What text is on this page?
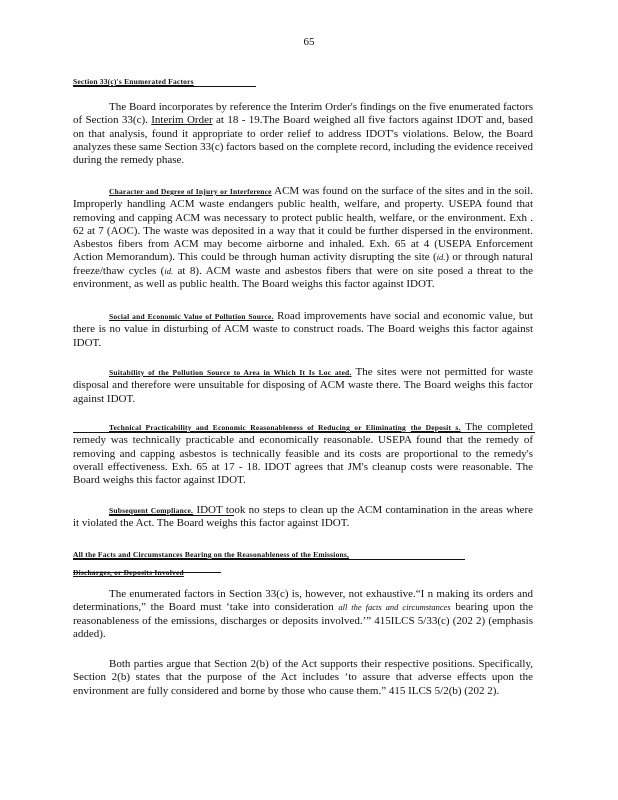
65
Section 33(c)'s Enumerated Factors
The Board incorporates by reference the Interim Order's findings on the five enumerated factors of Section 33(c). Interim Order at 18 - 19.The Board weighed all five factors against IDOT and, based on that analysis, found it appropriate to order relief to address IDOT's violations. Below, the Board analyzes these same Section 33(c) factors based on the complete record, including the evidence received during the remedy phase.
Character and Degree of Injury or Interference ACM was found on the surface of the sites and in the soil. Improperly handling ACM waste endangers public health, welfare, and property. USEPA found that removing and capping ACM was necessary to protect public health, welfare, or the environment. Exh . 62 at 7 (AOC). The waste was deposited in a way that it could be further dispersed in the environment. Asbestos fibers from ACM may become airborne and inhaled. Exh. 65 at 4 (USEPA Enforcement Action Memorandum). This could be through human activity disrupting the site (id.) or through natural freeze/thaw cycles (id. at 8). ACM waste and asbestos fibers that were on site posed a threat to the environment, as well as public health. The Board weighs this factor against IDOT.
Social and Economic Value of Pollution Source. Road improvements have social and economic value, but there is no value in disturbing of ACM waste to construct roads. The Board weighs this factor against IDOT.
Suitability of the Pollution Source to Area in Which It Is Loc ated. The sites were not permitted for waste disposal and therefore were unsuitable for disposing of ACM waste there. The Board weighs this factor against IDOT.
Technical Practicability and Economic Reasonableness of Reducing or Eliminating the Deposit s. The completed remedy was technically practicable and economically reasonable. USEPA found that the remedy of removing and capping asbestos is technically feasible and its costs are proportional to the remedy's overall effectiveness. Exh. 65 at 17 - 18. IDOT agrees that JM's cleanup costs were reasonable. The Board weighs this factor against IDOT.
Subsequent Compliance. IDOT took no steps to clean up the ACM contamination in the areas where it violated the Act. The Board weighs this factor against IDOT.
All the Facts and Circumstances Bearing on the Reasonableness of the Emissions,
Discharges, or Deposits Involved
The enumerated factors in Section 33(c) is, however, not exhaustive.“I n making its orders and determinations,” the Board must ‘take into consideration all the facts and circumstances bearing upon the reasonableness of the emissions, discharges or deposits involved.’” 415ILCS 5/33(c) (202 2) (emphasis added).
Both parties argue that Section 2(b) of the Act supports their respective positions. Specifically, Section 2(b) states that the purpose of the Act includes ‘to assure that adverse effects upon the environment are fully considered and borne by those who cause them.” 415 ILCS 5/2(b) (202 2).
